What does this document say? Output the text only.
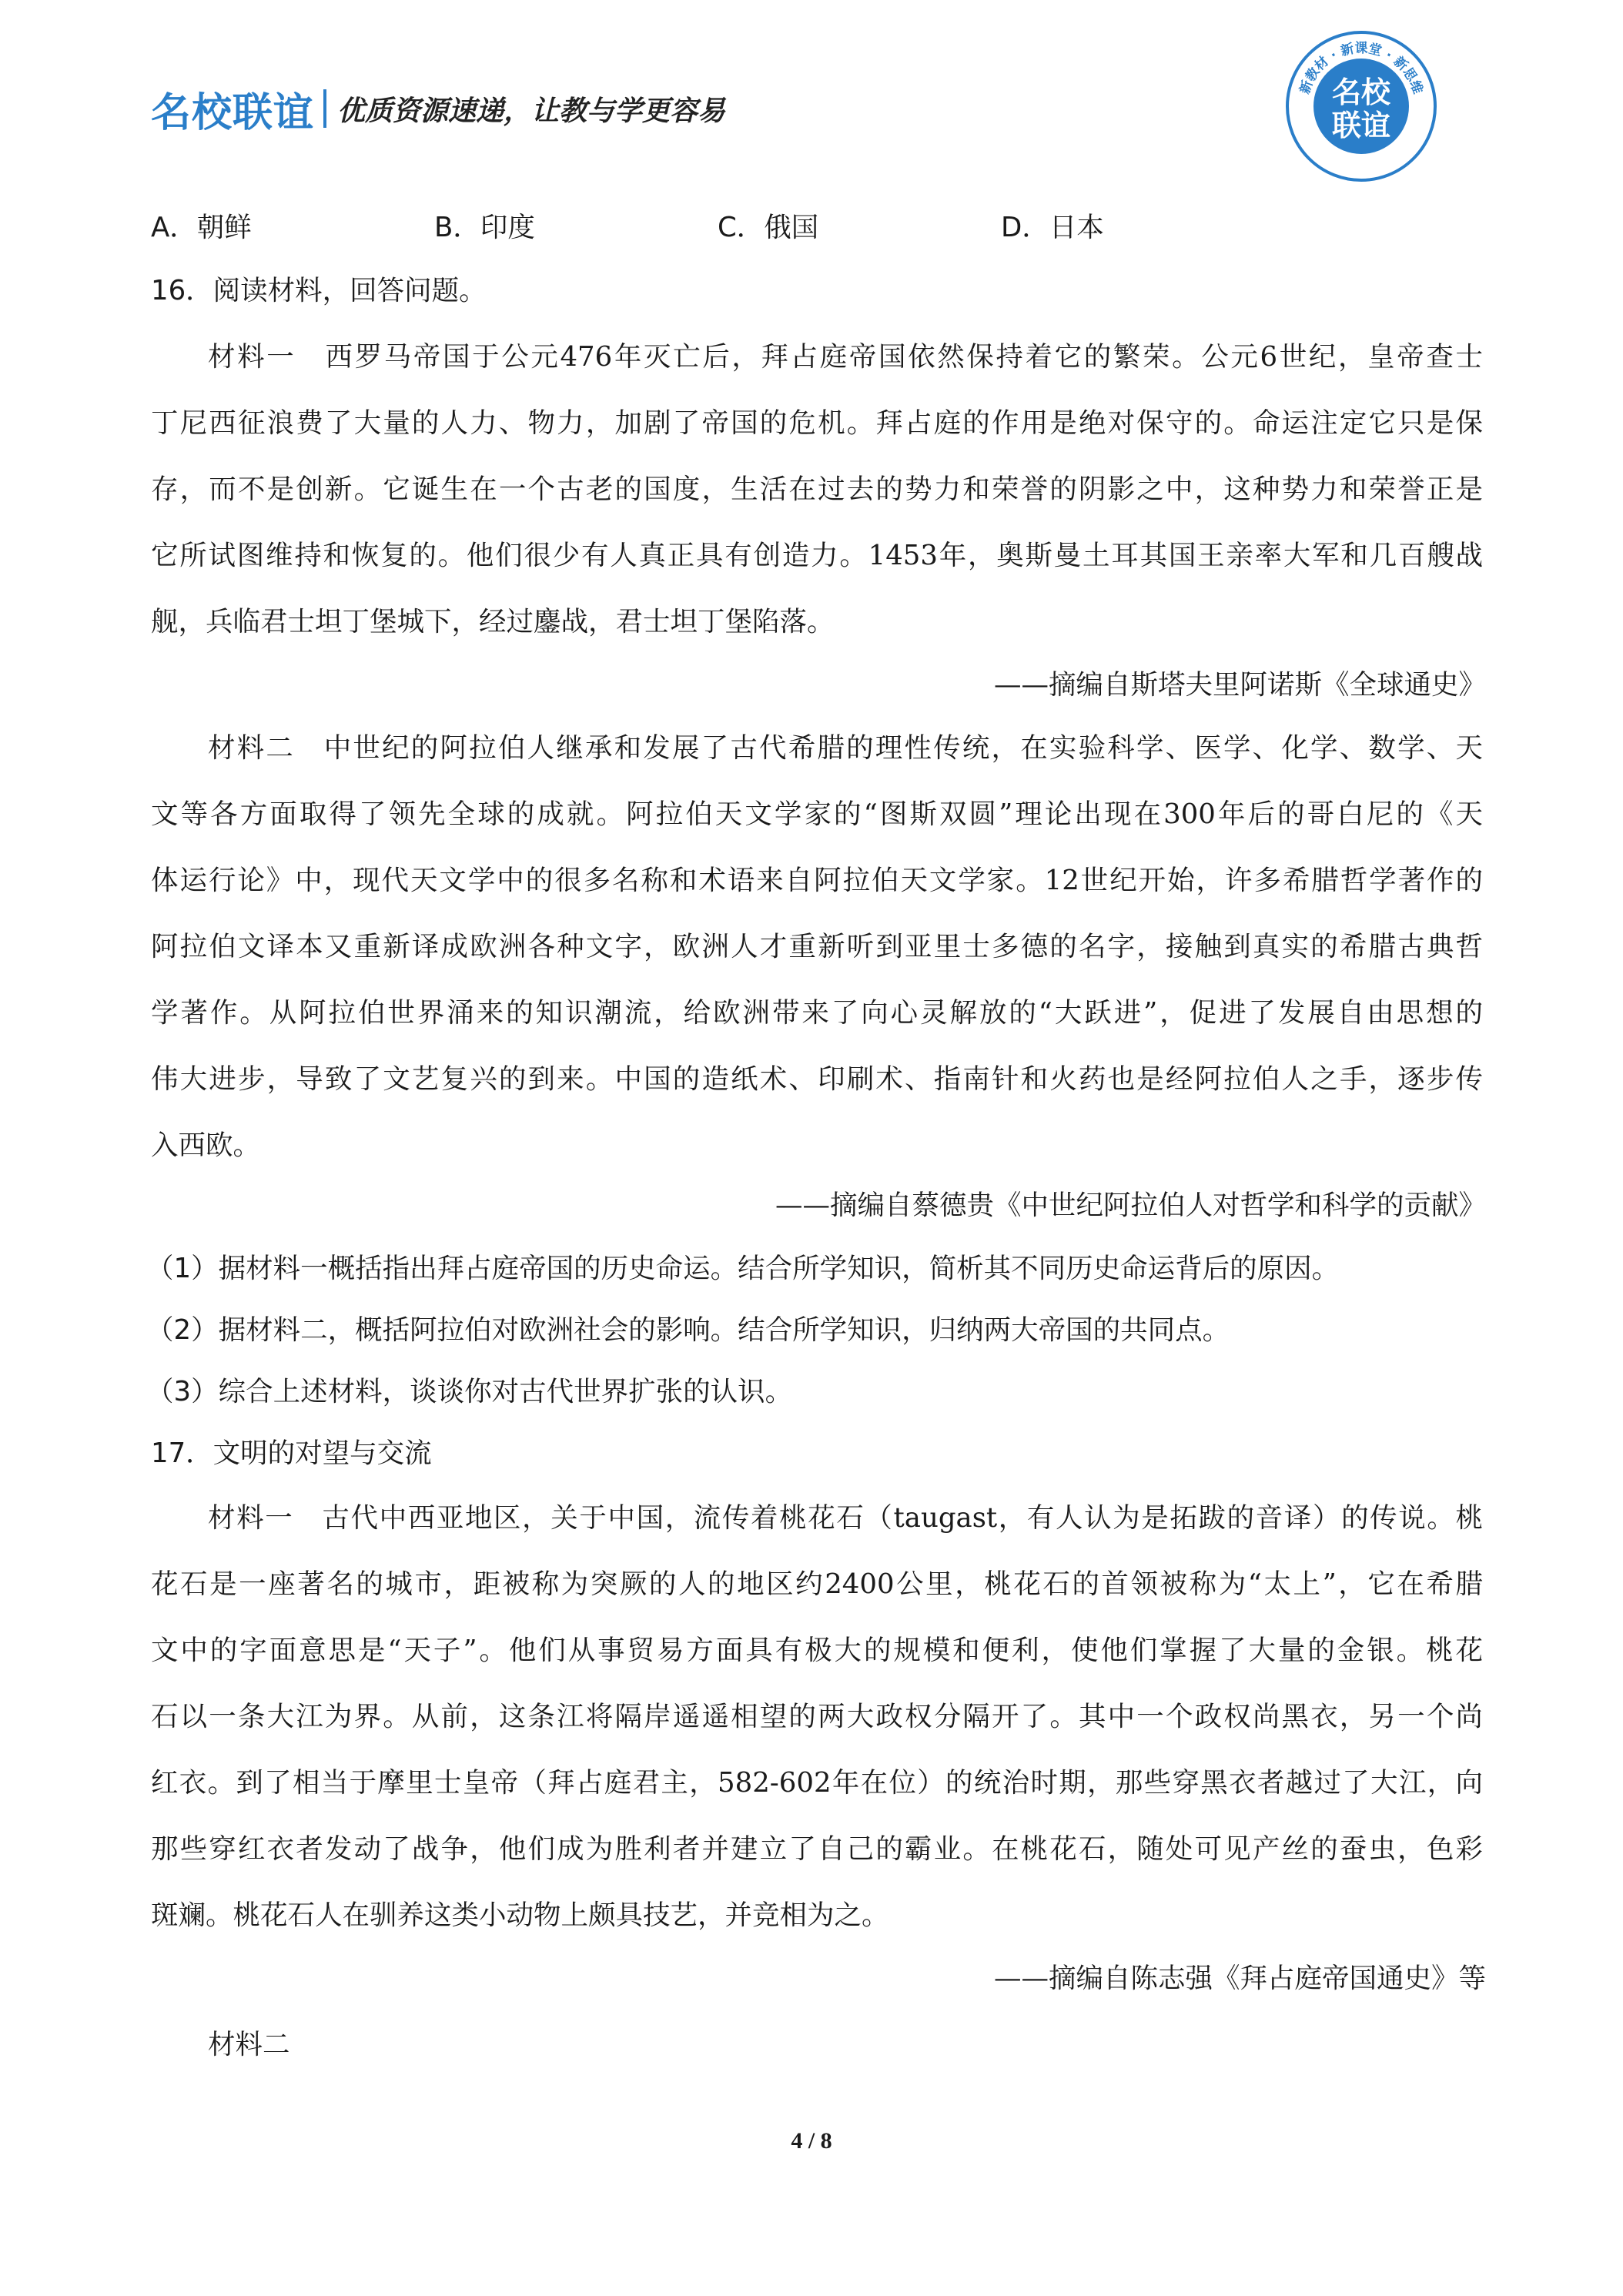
名校联谊 优质资源速递，让教与学更容易
新教材 · 新课堂 · 新思维
名校
联谊
A．朝鲜	B．印度	C．俄国	D．日本
16．阅读材料，回答问题。
材料一　西罗马帝国于公元476年灭亡后，拜占庭帝国依然保持着它的繁荣。公元6世纪，皇帝查士
丁尼西征浪费了大量的人力、物力，加剧了帝国的危机。拜占庭的作用是绝对保守的。命运注定它只是保
存，而不是创新。它诞生在一个古老的国度，生活在过去的势力和荣誉的阴影之中，这种势力和荣誉正是
它所试图维持和恢复的。他们很少有人真正具有创造力。1453年，奥斯曼土耳其国王亲率大军和几百艘战
舰，兵临君士坦丁堡城下，经过鏖战，君士坦丁堡陷落。
——摘编自斯塔夫里阿诺斯《全球通史》
材料二　中世纪的阿拉伯人继承和发展了古代希腊的理性传统，在实验科学、医学、化学、数学、天
文等各方面取得了领先全球的成就。阿拉伯天文学家的“图斯双圆”理论出现在300年后的哥白尼的《天
体运行论》中，现代天文学中的很多名称和术语来自阿拉伯天文学家。12世纪开始，许多希腊哲学著作的
阿拉伯文译本又重新译成欧洲各种文字，欧洲人才重新听到亚里士多德的名字，接触到真实的希腊古典哲
学著作。从阿拉伯世界涌来的知识潮流，给欧洲带来了向心灵解放的“大跃进”，促进了发展自由思想的
伟大进步，导致了文艺复兴的到来。中国的造纸术、印刷术、指南针和火药也是经阿拉伯人之手，逐步传
入西欧。
——摘编自蔡德贵《中世纪阿拉伯人对哲学和科学的贡献》
（1）据材料一概括指出拜占庭帝国的历史命运。结合所学知识，简析其不同历史命运背后的原因。
（2）据材料二，概括阿拉伯对欧洲社会的影响。结合所学知识，归纳两大帝国的共同点。
（3）综合上述材料，谈谈你对古代世界扩张的认识。
17．文明的对望与交流
材料一　古代中西亚地区，关于中国，流传着桃花石（taugast，有人认为是拓跋的音译）的传说。桃
花石是一座著名的城市，距被称为突厥的人的地区约2400公里，桃花石的首领被称为“太上”，它在希腊
文中的字面意思是“天子”。他们从事贸易方面具有极大的规模和便利，使他们掌握了大量的金银。桃花
石以一条大江为界。从前，这条江将隔岸遥遥相望的两大政权分隔开了。其中一个政权尚黑衣，另一个尚
红衣。到了相当于摩里士皇帝（拜占庭君主，582-602年在位）的统治时期，那些穿黑衣者越过了大江，向
那些穿红衣者发动了战争，他们成为胜利者并建立了自己的霸业。在桃花石，随处可见产丝的蚕虫，色彩
斑斓。桃花石人在驯养这类小动物上颇具技艺，并竞相为之。
——摘编自陈志强《拜占庭帝国通史》等
材料二
4 / 8
